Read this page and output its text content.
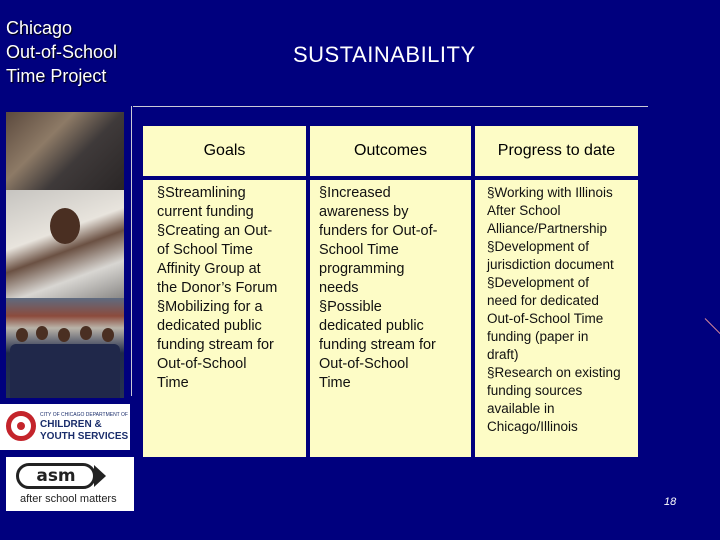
Chicago
Out-of-School
Time Project
SUSTAINABILITY
CITY OF CHICAGO DEPARTMENT OF
CHILDREN &
YOUTH SERVICES
asm
after school matters
Goals	Outcomes	Progress to date
§Streamlining
current funding
§Creating an Out-
of School Time
Affinity Group at
the Donor’s Forum
§Mobilizing for a
dedicated public
funding stream for
Out-of-School
Time
§Increased
awareness by
funders for Out-of-
School Time
programming
needs
§Possible
dedicated public
funding stream for
Out-of-School
Time
§Working with Illinois
After School
Alliance/Partnership
§Development of
jurisdiction document
§Development of
need for dedicated
Out-of-School Time
funding (paper in
draft)
§Research on existing
funding sources
available in
Chicago/Illinois
18
